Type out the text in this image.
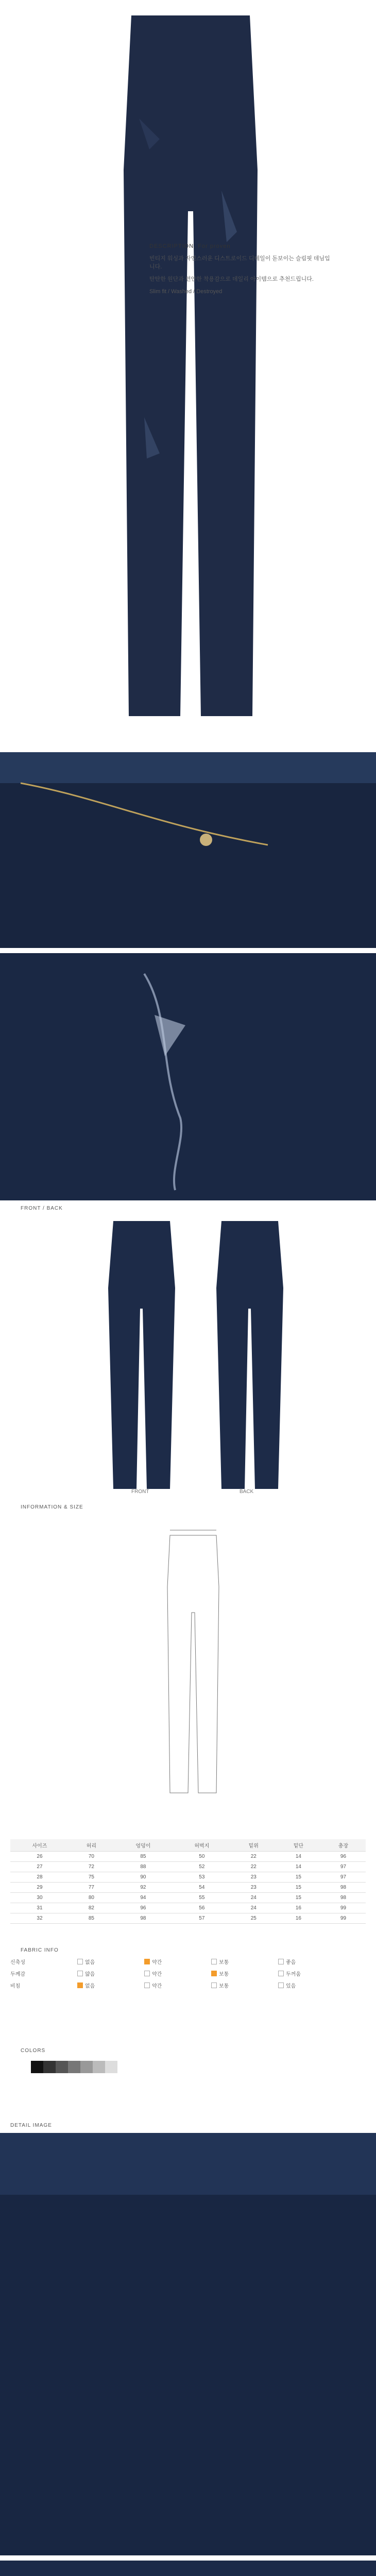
DESCRIPTION. For proven

빈티지 워싱과 자연스러운 디스트로이드 디테일이 돋보이는 슬림핏 데님입니다.

탄탄한 원단과 편안한 착용감으로 데일리 아이템으로 추천드립니다.

Slim fit / Washed / Destroyed

FRONT / BACK
FRONT	BACK
INFORMATION & SIZE
사이즈	허리	엉덩이	허벅지	밑위	밑단	총장
26	70	85	50	22	14	96
27	72	88	52	22	14	97
28	75	90	53	23	15	97
29	77	92	54	23	15	98
30	80	94	55	24	15	98
31	82	96	56	24	16	99
32	85	98	57	25	16	99
FABRIC INFO
신축성	없음	약간	보통	좋음
두께감	얇음	약간	보통	두꺼움
비침	없음	약간	보통	있음
COLORS
DETAIL IMAGE
